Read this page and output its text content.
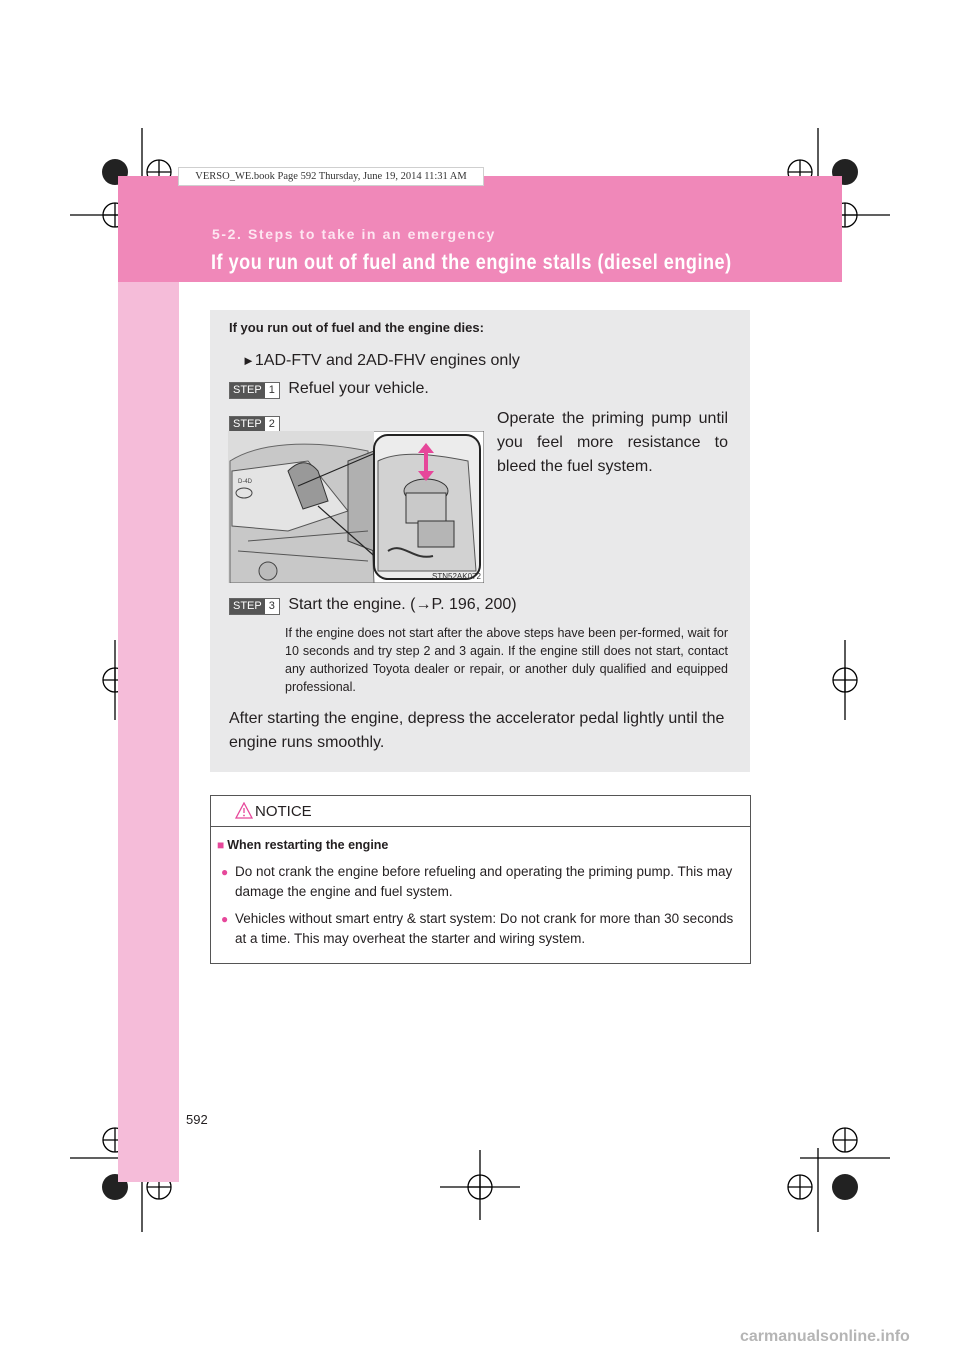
VERSO_WE.book Page 592 Thursday, June 19, 2014 11:31 AM
5-2. Steps to take in an emergency
If you run out of fuel and the engine stalls (diesel engine)
If you run out of fuel and the engine dies:
►1AD-FTV and 2AD-FHV engines only
STEP 1 Refuel your vehicle.
STEP 2	Operate the priming pump until you feel more resistance to bleed the fuel system.
D-4D
STN52AK072
STEP 3 Start the engine. (→P. 196, 200)
If the engine does not start after the above steps have been per-formed, wait for 10 seconds and try step 2 and 3 again. If the engine still does not start, contact any authorized Toyota dealer or repair, or another duly qualified and equipped professional.
After starting the engine, depress the accelerator pedal lightly until the engine runs smoothly.
NOTICE
■ When restarting the engine
● Do not crank the engine before refueling and operating the priming pump. This may damage the engine and fuel system.
● Vehicles without smart entry & start system: Do not crank for more than 30 seconds at a time. This may overheat the starter and wiring system.
592
carmanualsonline.info
